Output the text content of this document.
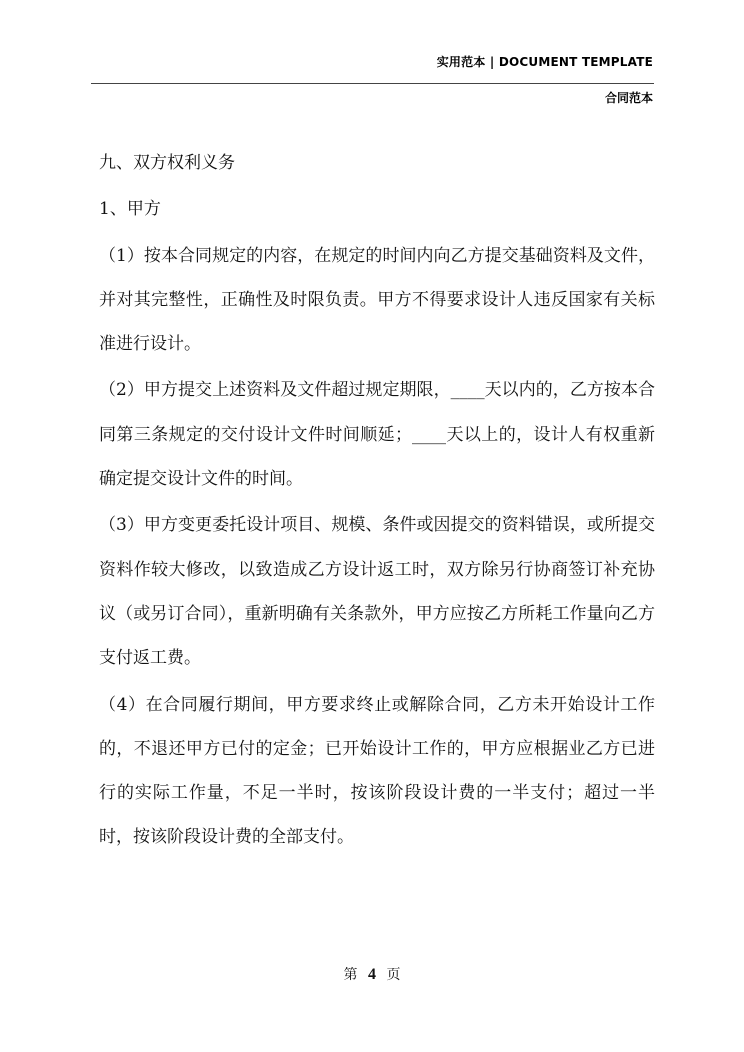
实用范本 | DOCUMENT TEMPLATE
合同范本

九、双方权利义务

1、甲方

（1）按本合同规定的内容，在规定的时间内向乙方提交基础资料及文件，并对其完整性，正确性及时限负责。甲方不得要求设计人违反国家有关标准进行设计。

（2）甲方提交上述资料及文件超过规定期限，____天以内的，乙方按本合同第三条规定的交付设计文件时间顺延；____天以上的，设计人有权重新确定提交设计文件的时间。

（3）甲方变更委托设计项目、规模、条件或因提交的资料错误，或所提交资料作较大修改，以致造成乙方设计返工时，双方除另行协商签订补充协议（或另订合同），重新明确有关条款外，甲方应按乙方所耗工作量向乙方支付返工费。

（4）在合同履行期间，甲方要求终止或解除合同，乙方未开始设计工作的，不退还甲方已付的定金；已开始设计工作的，甲方应根据业乙方已进行的实际工作量，不足一半时，按该阶段设计费的一半支付；超过一半时，按该阶段设计费的全部支付。

第 4 页
